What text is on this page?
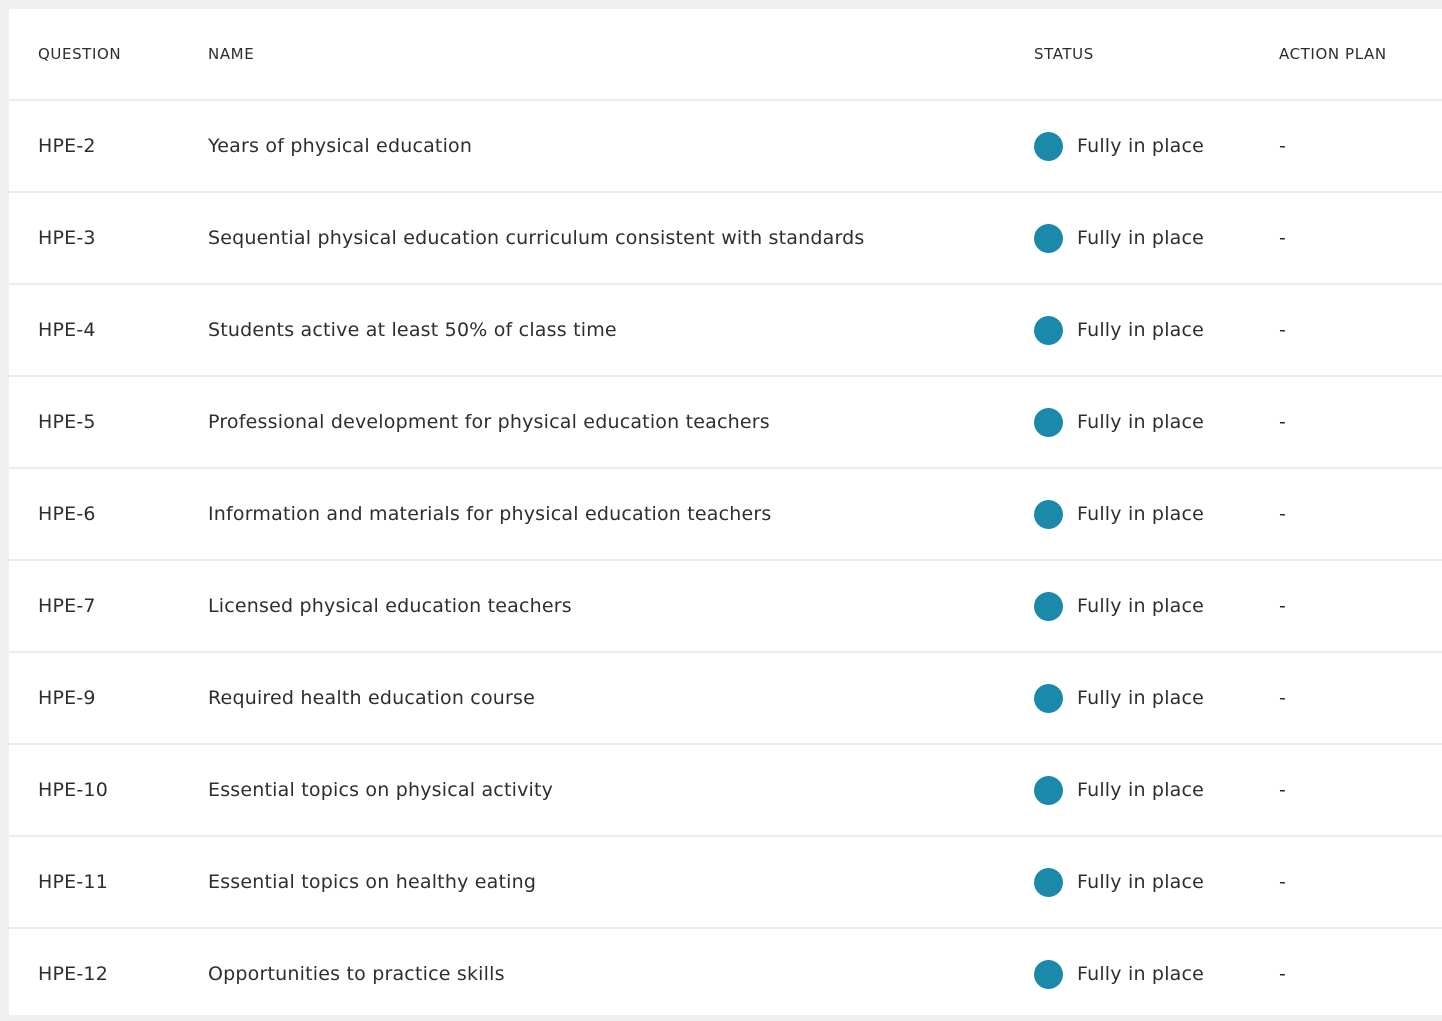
QUESTION	NAME	STATUS	ACTION PLAN
HPE-2	Years of physical education	Fully in place	-
HPE-3	Sequential physical education curriculum consistent with standards	Fully in place	-
HPE-4	Students active at least 50% of class time	Fully in place	-
HPE-5	Professional development for physical education teachers	Fully in place	-
HPE-6	Information and materials for physical education teachers	Fully in place	-
HPE-7	Licensed physical education teachers	Fully in place	-
HPE-9	Required health education course	Fully in place	-
HPE-10	Essential topics on physical activity	Fully in place	-
HPE-11	Essential topics on healthy eating	Fully in place	-
HPE-12	Opportunities to practice skills	Fully in place	-
